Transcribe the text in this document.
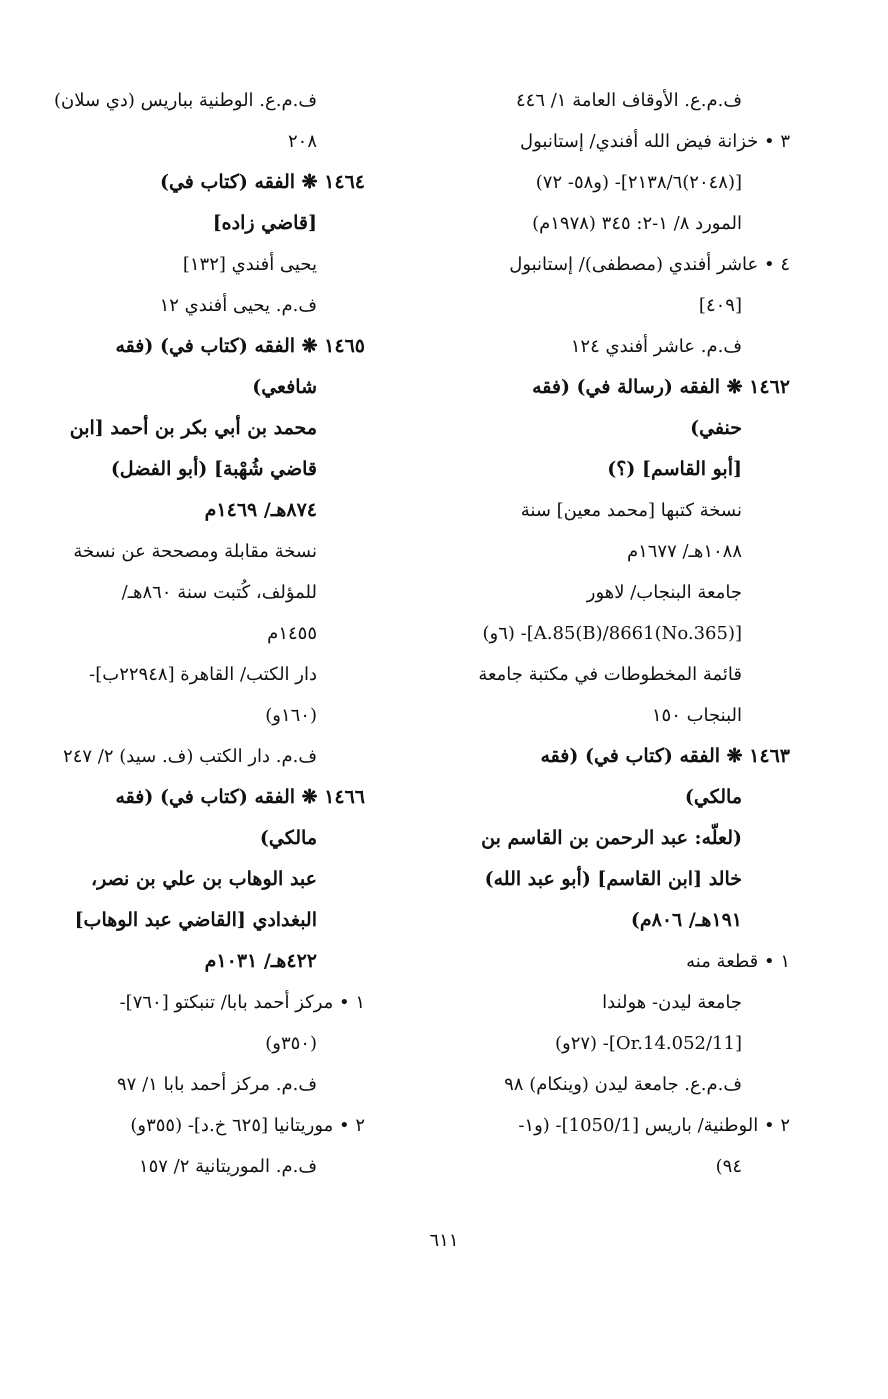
ف.م.ع. الأوقاف العامة ١/ ٤٤٦

٣ • خزانة فيض الله أفندي/ إستانبول

[(٢٠٤٨)٢١٣٨/٦]- (و٥٨- ٧٢)

المورد ٨/ ١-٢: ٣٤٥ (١٩٧٨م)

٤ • عاشر أفندي (مصطفى)/ إستانبول

[٤٠٩]

ف.م. عاشر أفندي ١٢٤

١٤٦٢ ❋ الفقه (رسالة في) (فقه

حنفي)

[أبو القاسم] (؟)

نسخة كتبها [محمد معين] سنة

١٠٨٨هـ/ ١٦٧٧م

جامعة البنجاب/ لاهور

[(No.365)A.85(B)/8661]- (٦و)

قائمة المخطوطات في مكتبة جامعة

البنجاب ١٥٠

١٤٦٣ ❋ الفقه (كتاب في) (فقه

مالكي)

(لعلّه: عبد الرحمن بن القاسم بن

خالد [ابن القاسم] (أبو عبد الله)

١٩١هـ/ ٨٠٦م)

١ • قطعة منه

جامعة ليدن- هولندا

[Or.14.052/11]- (٢٧و)

ف.م.ع. جامعة ليدن (وينكام) ٩٨

٢ • الوطنية/ باريس [1050/1]- (و١-

٩٤)

ف.م.ع. الوطنية بباريس (دي سلان)

٢٠٨

١٤٦٤ ❋ الفقه (كتاب في)

[قاضي زاده]

يحيى أفندي [١٣٢]

ف.م. يحيى أفندي ١٢

١٤٦٥ ❋ الفقه (كتاب في) (فقه

شافعي)

محمد بن أبي بكر بن أحمد [ابن

قاضي شُهْبة] (أبو الفضل)

٨٧٤هـ/ ١٤٦٩م

نسخة مقابلة ومصححة عن نسخة

للمؤلف، كُتبت سنة ٨٦٠هـ/

١٤٥٥م

دار الكتب/ القاهرة [٢٢٩٤٨ب]-

(١٦٠و)

ف.م. دار الكتب (ف. سيد) ٢/ ٢٤٧

١٤٦٦ ❋ الفقه (كتاب في) (فقه

مالكي)

عبد الوهاب بن علي بن نصر،

البغدادي [القاضي عبد الوهاب]

٤٢٢هـ/ ١٠٣١م

١ • مركز أحمد بابا/ تنبكتو [٧٦٠]-

(٣٥٠و)

ف.م. مركز أحمد بابا ١/ ٩٧

٢ • موريتانيا [٦٢٥ خ.د]- (٣٥٥و)

ف.م. الموريتانية ٢/ ١٥٧

٦١١
